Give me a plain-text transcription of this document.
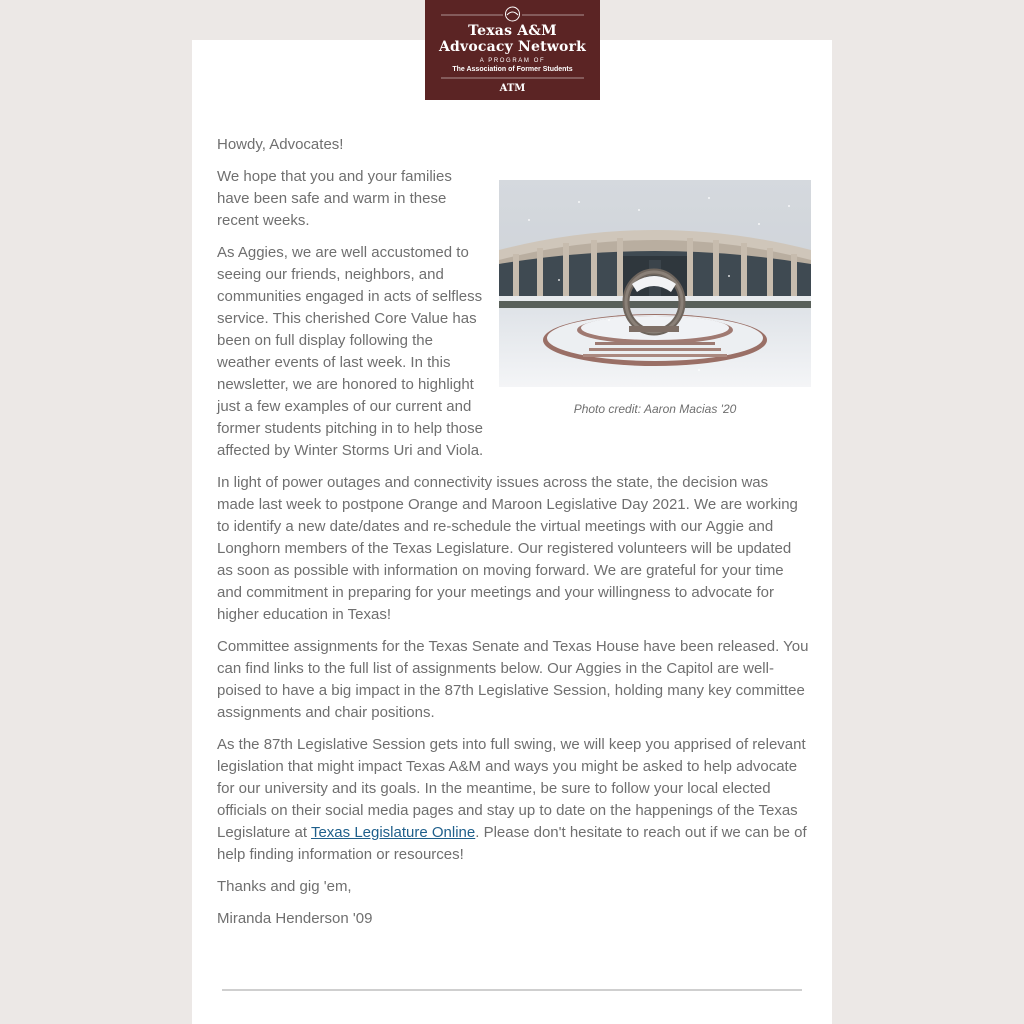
ATM
Texas A&M
Advocacy Network
A PROGRAM OF
The Association of Former Students

Howdy, Advocates!

Photo credit: Aaron Macias '20

We hope that you and your families have been safe and warm in these recent weeks.

As Aggies, we are well accustomed to seeing our friends, neighbors, and communities engaged in acts of selfless service. This cherished Core Value has been on full display following the weather events of last week. In this newsletter, we are honored to highlight just a few examples of our current and former students pitching in to help those affected by Winter Storms Uri and Viola.

In light of power outages and connectivity issues across the state, the decision was made last week to postpone Orange and Maroon Legislative Day 2021. We are working to identify a new date/dates and re-schedule the virtual meetings with our Aggie and Longhorn members of the Texas Legislature. Our registered volunteers will be updated as soon as possible with information on moving forward. We are grateful for your time and commitment in preparing for your meetings and your willingness to advocate for higher education in Texas!

Committee assignments for the Texas Senate and Texas House have been released. You can find links to the full list of assignments below. Our Aggies in the Capitol are well-poised to have a big impact in the 87th Legislative Session, holding many key committee assignments and chair positions.

As the 87th Legislative Session gets into full swing, we will keep you apprised of relevant legislation that might impact Texas A&M and ways you might be asked to help advocate for our university and its goals. In the meantime, be sure to follow your local elected officials on their social media pages and stay up to date on the happenings of the Texas Legislature at Texas Legislature Online. Please don't hesitate to reach out if we can be of help finding information or resources!

Thanks and gig 'em,

Miranda Henderson '09
